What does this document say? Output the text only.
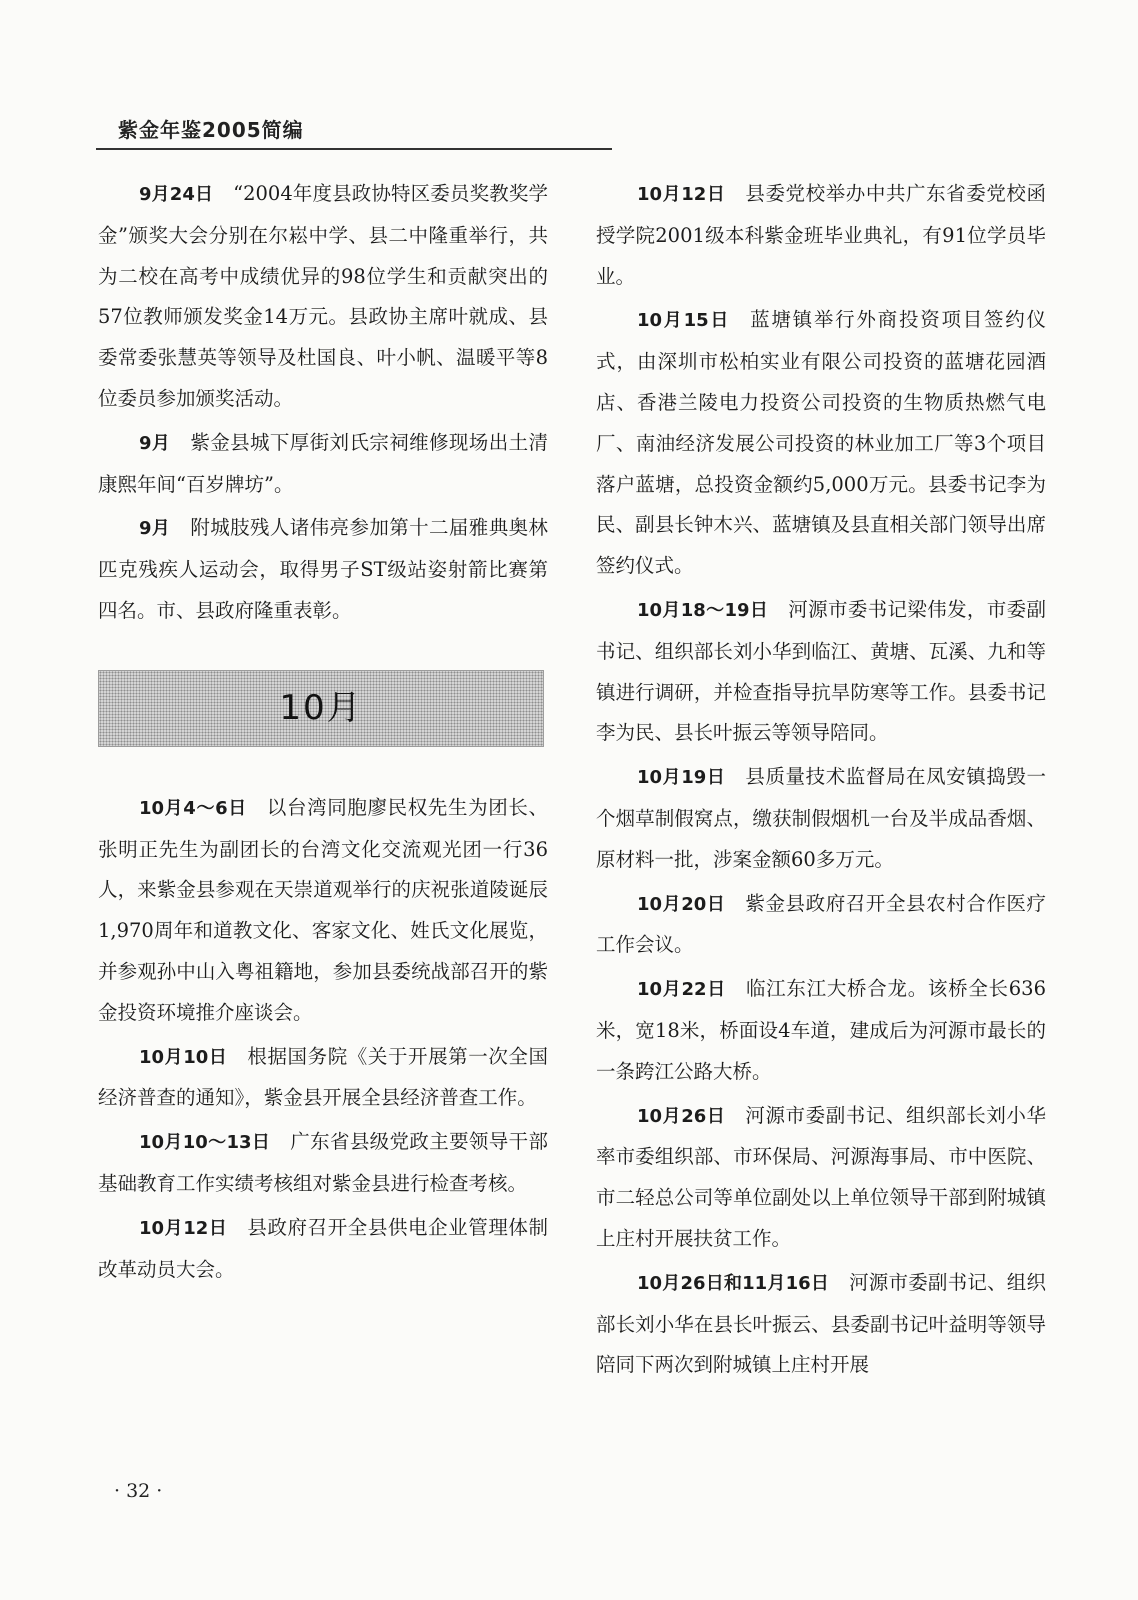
紫金年鉴2005简编

9月24日 “2004年度县政协特区委员奖教奖学金”颁奖大会分别在尔崧中学、县二中隆重举行，共为二校在高考中成绩优异的98位学生和贡献突出的57位教师颁发奖金14万元。县政协主席叶就成、县委常委张慧英等领导及杜国良、叶小帆、温暖平等8位委员参加颁奖活动。

9月 紫金县城下厚街刘氏宗祠维修现场出土清康熙年间“百岁牌坊”。

9月 附城肢残人诸伟亮参加第十二届雅典奥林匹克残疾人运动会，取得男子ST级站姿射箭比赛第四名。市、县政府隆重表彰。

10月

10月4～6日 以台湾同胞廖民权先生为团长、张明正先生为副团长的台湾文化交流观光团一行36人，来紫金县参观在天崇道观举行的庆祝张道陵诞辰1,970周年和道教文化、客家文化、姓氏文化展览，并参观孙中山入粤祖籍地，参加县委统战部召开的紫金投资环境推介座谈会。

10月10日 根据国务院《关于开展第一次全国经济普查的通知》，紫金县开展全县经济普查工作。

10月10～13日 广东省县级党政主要领导干部基础教育工作实绩考核组对紫金县进行检查考核。

10月12日 县政府召开全县供电企业管理体制改革动员大会。

10月12日 县委党校举办中共广东省委党校函授学院2001级本科紫金班毕业典礼，有91位学员毕业。

10月15日 蓝塘镇举行外商投资项目签约仪式，由深圳市松柏实业有限公司投资的蓝塘花园酒店、香港兰陵电力投资公司投资的生物质热燃气电厂、南油经济发展公司投资的林业加工厂等3个项目落户蓝塘，总投资金额约5,000万元。县委书记李为民、副县长钟木兴、蓝塘镇及县直相关部门领导出席签约仪式。

10月18～19日 河源市委书记梁伟发，市委副书记、组织部长刘小华到临江、黄塘、瓦溪、九和等镇进行调研，并检查指导抗旱防寒等工作。县委书记李为民、县长叶振云等领导陪同。

10月19日 县质量技术监督局在凤安镇捣毁一个烟草制假窝点，缴获制假烟机一台及半成品香烟、原材料一批，涉案金额60多万元。

10月20日 紫金县政府召开全县农村合作医疗工作会议。

10月22日 临江东江大桥合龙。该桥全长636米，宽18米，桥面设4车道，建成后为河源市最长的一条跨江公路大桥。

10月26日 河源市委副书记、组织部长刘小华率市委组织部、市环保局、河源海事局、市中医院、市二轻总公司等单位副处以上单位领导干部到附城镇上庄村开展扶贫工作。

10月26日和11月16日 河源市委副书记、组织部长刘小华在县长叶振云、县委副书记叶益明等领导陪同下两次到附城镇上庄村开展

· 32 ·
